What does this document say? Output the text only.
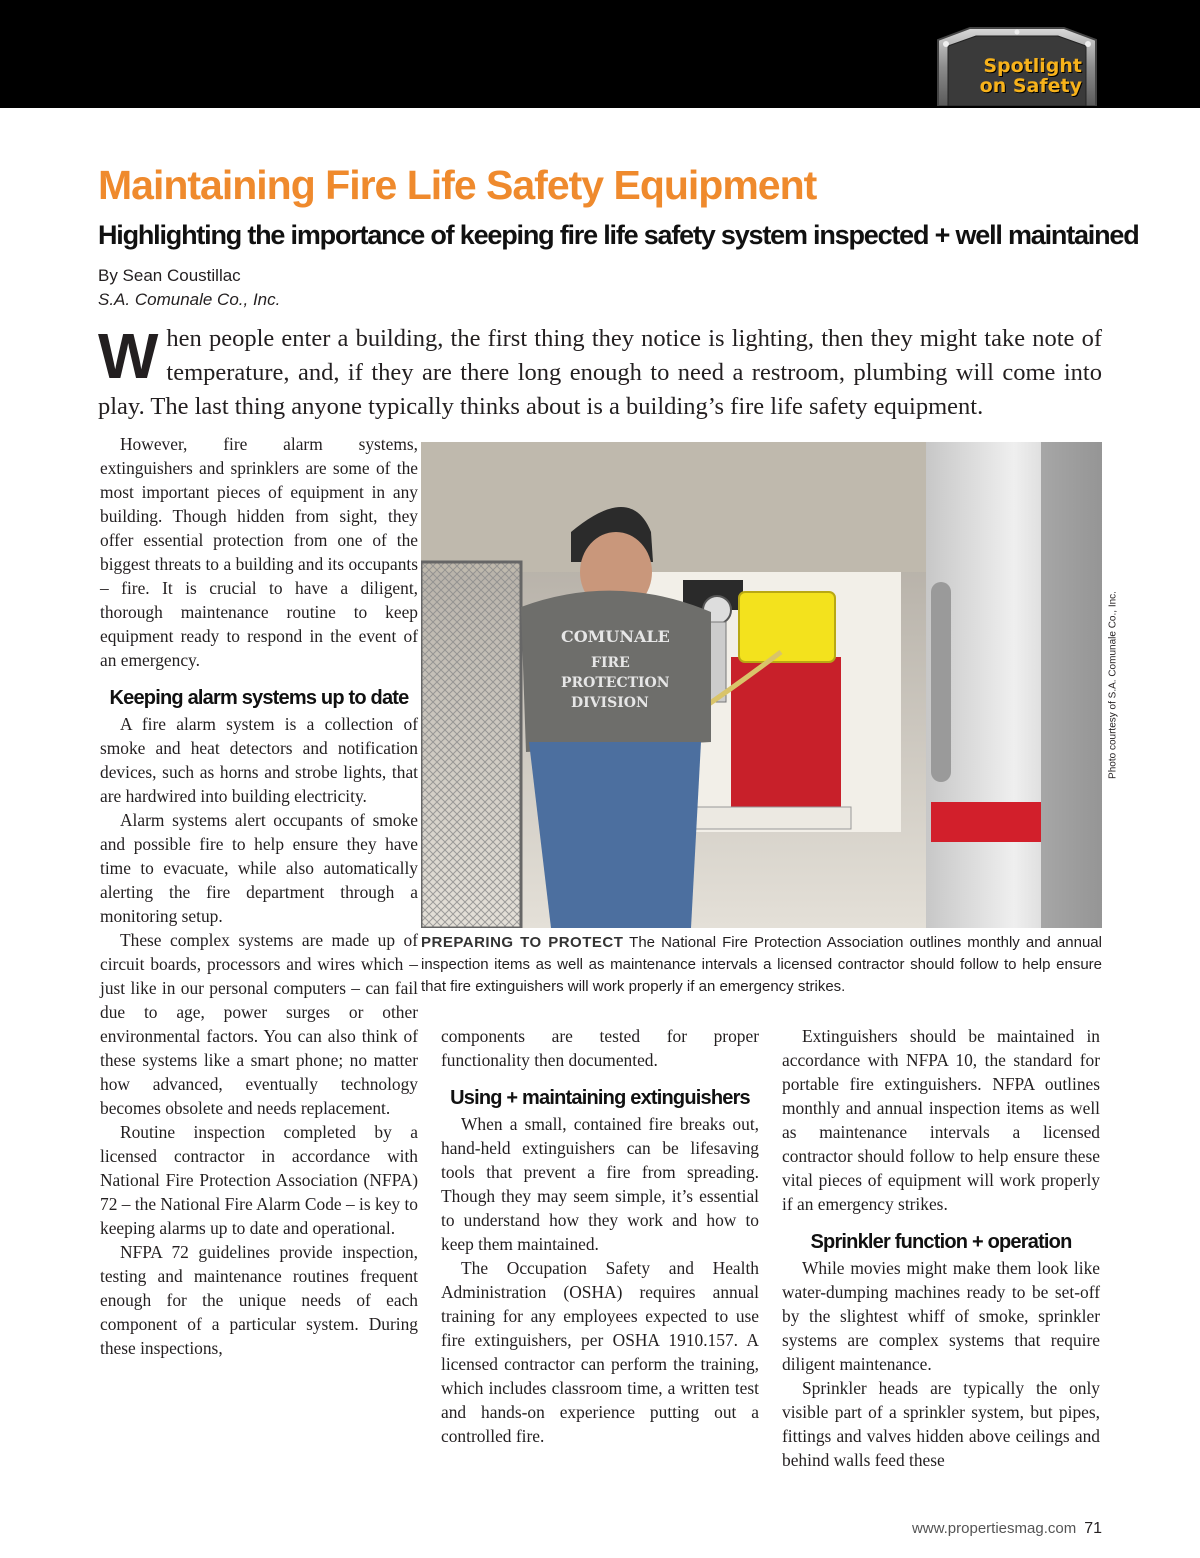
Spotlight
on Safety
Maintaining Fire Life Safety Equipment
Highlighting the importance of keeping fire life safety system inspected + well maintained
By Sean Coustillac
S.A. Comunale Co., Inc.
W hen people enter a building, the first thing they notice is lighting, then they might take note of temperature, and, if they are there long enough to need a restroom, plumbing will come into play. The last thing anyone typically thinks about is a building’s fire life safety equipment.

However, fire alarm systems, extinguishers and sprinklers are some of the most important pieces of equipment in any building. Though hidden from sight, they offer essential protection from one of the biggest threats to a building and its occupants – fire. It is crucial to have a diligent, thorough maintenance routine to keep equipment ready to respond in the event of an emergency.

Keeping alarm systems up to date

A fire alarm system is a collection of smoke and heat detectors and notification devices, such as horns and strobe lights, that are hardwired into building electricity.

Alarm systems alert occupants of smoke and possible fire to help ensure they have time to evacuate, while also automatically alerting the fire department through a monitoring setup.

These complex systems are made up of circuit boards, processors and wires which – just like in our personal computers – can fail due to age, power surges or other environmental factors. You can also think of these systems like a smart phone; no matter how advanced, eventually technology becomes obsolete and needs replacement.

Routine inspection completed by a licensed contractor in accordance with National Fire Protection Association (NFPA) 72 – the National Fire Alarm Code – is key to keeping alarms up to date and operational.

NFPA 72 guidelines provide inspection, testing and maintenance routines frequent enough for the unique needs of each component of a particular system. During these inspections,

COMUNALE
FIRE
PROTECTION
DIVISION	Photo courtesy of S.A. Comunale Co., Inc.
PREPARING TO PROTECT The National Fire Protection Association outlines monthly and annual inspection items as well as maintenance intervals a licensed contractor should follow to help ensure that fire extinguishers will work properly if an emergency strikes.

components are tested for proper functionality then documented.

Using + maintaining extinguishers

When a small, contained fire breaks out, hand-held extinguishers can be lifesaving tools that prevent a fire from spreading. Though they may seem simple, it’s essential to understand how they work and how to keep them maintained.

The Occupation Safety and Health Administration (OSHA) requires annual training for any employees expected to use fire extinguishers, per OSHA 1910.157. A licensed contractor can perform the training, which includes classroom time, a written test and hands-on experience putting out a controlled fire.

Extinguishers should be maintained in accordance with NFPA 10, the standard for portable fire extinguishers. NFPA outlines monthly and annual inspection items as well as maintenance intervals a licensed contractor should follow to help ensure these vital pieces of equipment will work properly if an emergency strikes.

Sprinkler function + operation

While movies might make them look like water-dumping machines ready to be set-off by the slightest whiff of smoke, sprinkler systems are complex systems that require diligent maintenance.

Sprinkler heads are typically the only visible part of a sprinkler system, but pipes, fittings and valves hidden above ceilings and behind walls feed these

www.propertiesmag.com 71
